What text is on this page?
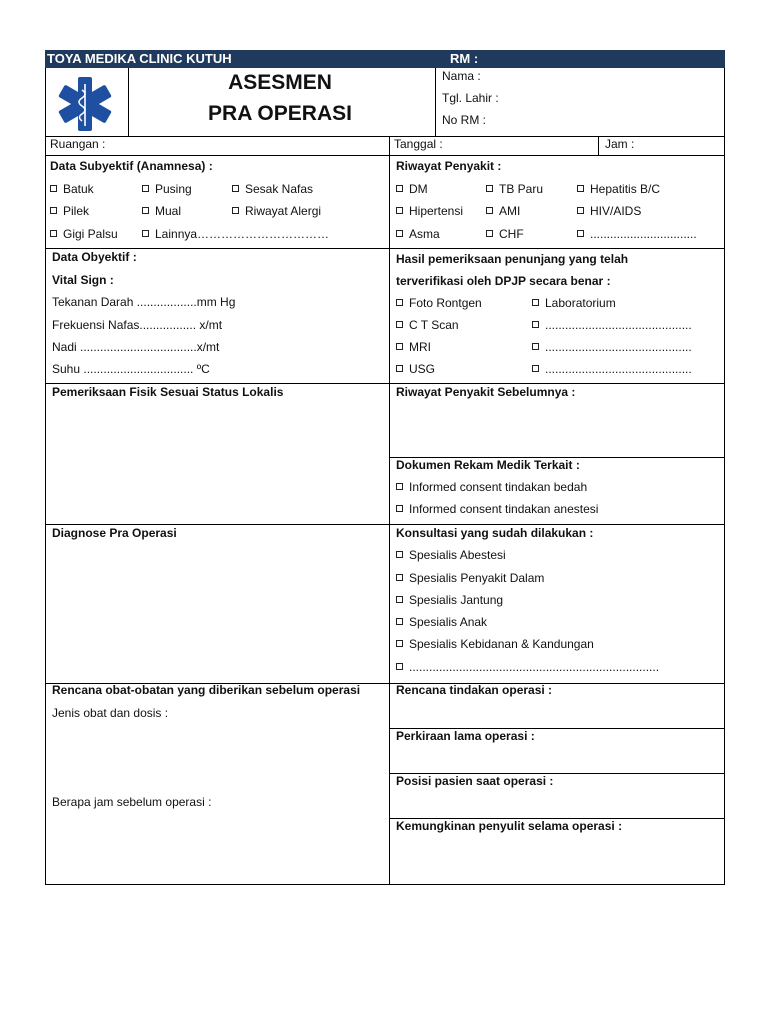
TOYA MEDIKA CLINIC KUTUH	RM :
ASESMEN
PRA OPERASI
Nama :
Tgl. Lahir :
No RM :
Ruangan :	Tanggal :	Jam :
Data Subyektif (Anamnesa) :
Batuk	Pusing	Sesak Nafas
Pilek	Mual	Riwayat Alergi
Gigi Palsu	Lainnya……………………………
Riwayat Penyakit :
DM	TB Paru	Hepatitis B/C
Hipertensi	AMI	HIV/AIDS
Asma	CHF	................................
Data Obyektif :
Vital Sign :
Tekanan Darah ..................mm Hg
Frekuensi Nafas................. x/mt
Nadi ...................................x/mt
Suhu ................................. ºC
Hasil pemeriksaan penunjang yang telah
terverifikasi oleh DPJP secara benar :
Foto Rontgen	Laboratorium
C T Scan	............................................
MRI	............................................
USG	............................................
Pemeriksaan Fisik Sesuai Status Lokalis	Riwayat Penyakit Sebelumnya :
Dokumen Rekam Medik Terkait :
Informed consent tindakan bedah
Informed consent tindakan anestesi
Diagnose Pra Operasi	Konsultasi yang sudah dilakukan :
Spesialis Abestesi
Spesialis Penyakit Dalam
Spesialis Jantung
Spesialis Anak
Spesialis Kebidanan & Kandungan
...........................................................................
Rencana obat-obatan yang diberikan sebelum operasi
Jenis obat dan dosis :
Berapa jam sebelum operasi :
Rencana tindakan operasi :
Perkiraan lama operasi :
Posisi pasien saat operasi :
Kemungkinan penyulit selama operasi :
